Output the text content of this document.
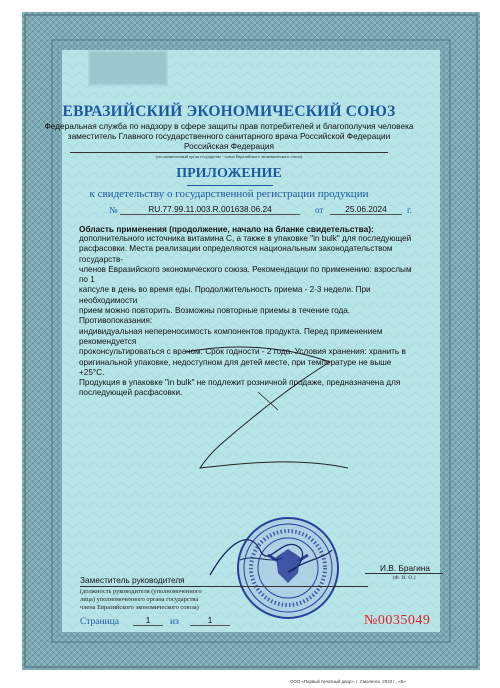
ЕВРАЗИЙСКИЙ ЭКОНОМИЧЕСКИЙ СОЮЗ
Федеральная служба по надзору в сфере защиты прав потребителей и благополучия человека
заместитель Главного государственного санитарного врача Российской Федерации
Российская Федерация
(уполномоченный орган государства - члена Евразийского экономического союза)
ПРИЛОЖЕНИЕ
к свидетельству о государственной регистрации продукции
№	RU.77.99.11.003.R.001638.06.24	от	25.06.2024	г.
Область применения (продолжение, начало на бланке свидетельства):
дополнительного источника витамина С, а также в упаковке "in bulk" для последующей
расфасовки. Места реализации определяются национальным законодательством государств-
членов Евразийского экономического союза. Рекомендации по применению: взрослым по 1
капсуле в день во время еды. Продолжительность приема - 2-3 недели. При необходимости
прием можно повторить. Возможны повторные приемы в течение года. Противопоказания:
индивидуальная непереносимость компонентов продукта. Перед применением рекомендуется
проконсультироваться с врачом. Срок годности - 2 года. Условия хранения: хранить в
оригинальной упаковке, недоступном для детей месте, при температуре не выше +25°С.
Продукция в упаковке "in bulk" не подлежит розничной продаже, предназначена для
последующей расфасовки.
Заместитель руководителя
И.В. Брагина
(Ф. И. О.)
(должность руководителя (уполномоченного
лица) уполномоченного органа государства
члена Евразийского экономического союза)
Страница	1	из	1	№0035049
ООО «Первый печатный двор», г. Смоленск, 2023 г., «Б»
